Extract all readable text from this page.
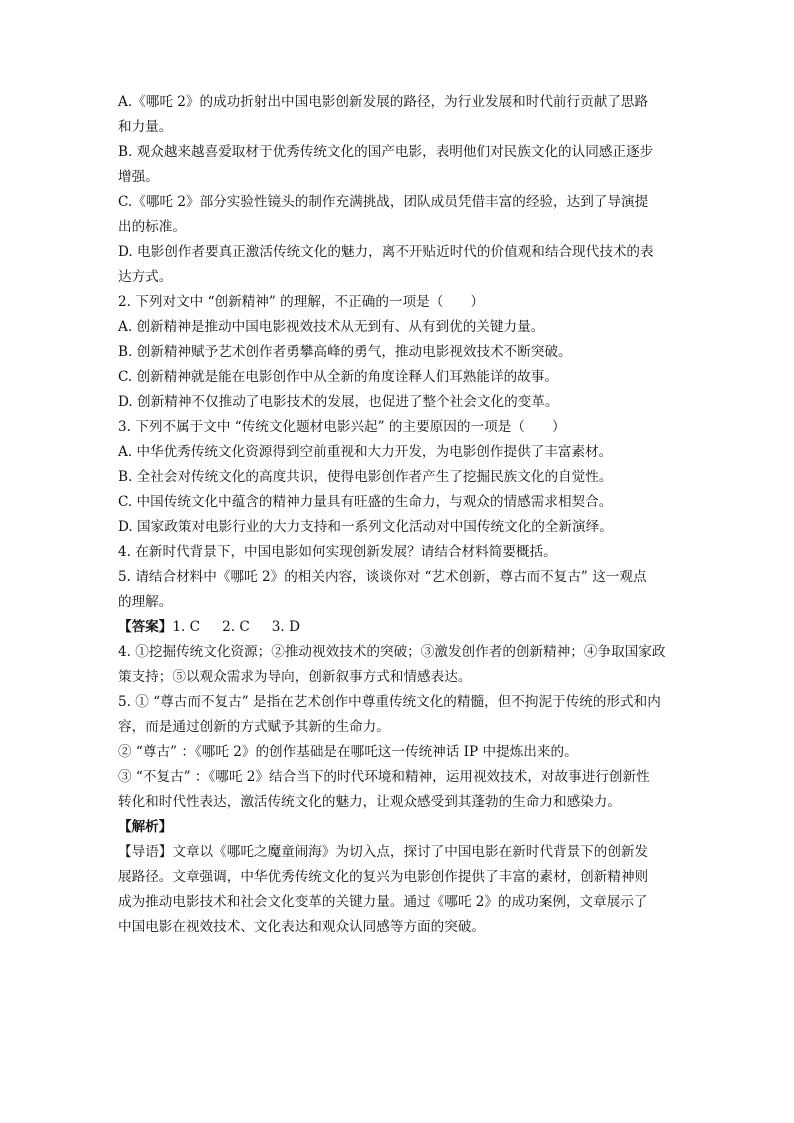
A.《哪吒 2》的成功折射出中国电影创新发展的路径，为行业发展和时代前行贡献了思路
和力量。
B. 观众越来越喜爱取材于优秀传统文化的国产电影，表明他们对民族文化的认同感正逐步
增强。
C.《哪吒 2》部分实验性镜头的制作充满挑战，团队成员凭借丰富的经验，达到了导演提
出的标准。
D. 电影创作者要真正激活传统文化的魅力，离不开贴近时代的价值观和结合现代技术的表
达方式。
2. 下列对文中 “创新精神” 的理解，不正确的一项是（　　）
A. 创新精神是推动中国电影视效技术从无到有、从有到优的关键力量。
B. 创新精神赋予艺术创作者勇攀高峰的勇气，推动电影视效技术不断突破。
C. 创新精神就是能在电影创作中从全新的角度诠释人们耳熟能详的故事。
D. 创新精神不仅推动了电影技术的发展，也促进了整个社会文化的变革。
3. 下列不属于文中 “传统文化题材电影兴起” 的主要原因的一项是（　　）
A. 中华优秀传统文化资源得到空前重视和大力开发，为电影创作提供了丰富素材。
B. 全社会对传统文化的高度共识，使得电影创作者产生了挖掘民族文化的自觉性。
C. 中国传统文化中蕴含的精神力量具有旺盛的生命力，与观众的情感需求相契合。
D. 国家政策对电影行业的大力支持和一系列文化活动对中国传统文化的全新演绎。
4. 在新时代背景下，中国电影如何实现创新发展？请结合材料简要概括。
5. 请结合材料中《哪吒 2》的相关内容，谈谈你对 “艺术创新，尊古而不复古” 这一观点
的理解。
【答案】1. C 2. C 3. D
4. ①挖掘传统文化资源；②推动视效技术的突破；③激发创作者的创新精神；④争取国家政
策支持；⑤以观众需求为导向，创新叙事方式和情感表达。
5. ① “尊古而不复古” 是指在艺术创作中尊重传统文化的精髓，但不拘泥于传统的形式和内
容，而是通过创新的方式赋予其新的生命力。
② “尊古” ：《哪吒 2》的创作基础是在哪吒这一传统神话 IP 中提炼出来的。
③ “不复古” ：《哪吒 2》结合当下的时代环境和精神，运用视效技术，对故事进行创新性
转化和时代性表达，激活传统文化的魅力，让观众感受到其蓬勃的生命力和感染力。
【解析】
【导语】文章以《哪吒之魔童闹海》为切入点，探讨了中国电影在新时代背景下的创新发
展路径。文章强调，中华优秀传统文化的复兴为电影创作提供了丰富的素材，创新精神则
成为推动电影技术和社会文化变革的关键力量。通过《哪吒 2》的成功案例，文章展示了
中国电影在视效技术、文化表达和观众认同感等方面的突破。
